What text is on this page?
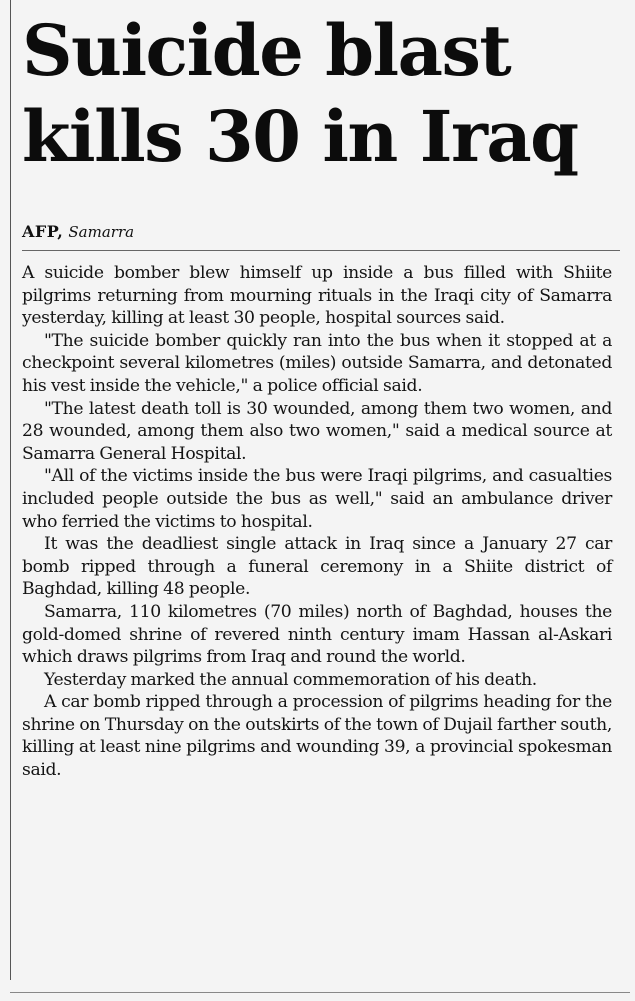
Suicide blast kills 30 in Iraq
AFP, Samarra

A suicide bomber blew himself up inside a bus filled with Shiite pilgrims returning from mourning rituals in the Iraqi city of Samarra yesterday, killing at least 30 people, hospital sources said.

"The suicide bomber quickly ran into the bus when it stopped at a checkpoint several kilometres (miles) outside Samarra, and detonated his vest inside the vehicle," a police official said.

"The latest death toll is 30 wounded, among them two women, and 28 wounded, among them also two women," said a medical source at Samarra General Hospital.

"All of the victims inside the bus were Iraqi pilgrims, and casualties included people outside the bus as well," said an ambulance driver who ferried the victims to hospital.

It was the deadliest single attack in Iraq since a January 27 car bomb ripped through a funeral ceremony in a Shiite district of Baghdad, killing 48 people.

Samarra, 110 kilometres (70 miles) north of Baghdad, houses the gold-domed shrine of revered ninth century imam Hassan al-Askari which draws pilgrims from Iraq and round the world.

Yesterday marked the annual commemoration of his death.

A car bomb ripped through a procession of pilgrims heading for the shrine on Thursday on the outskirts of the town of Dujail farther south, killing at least nine pilgrims and wounding 39, a provincial spokesman said.
